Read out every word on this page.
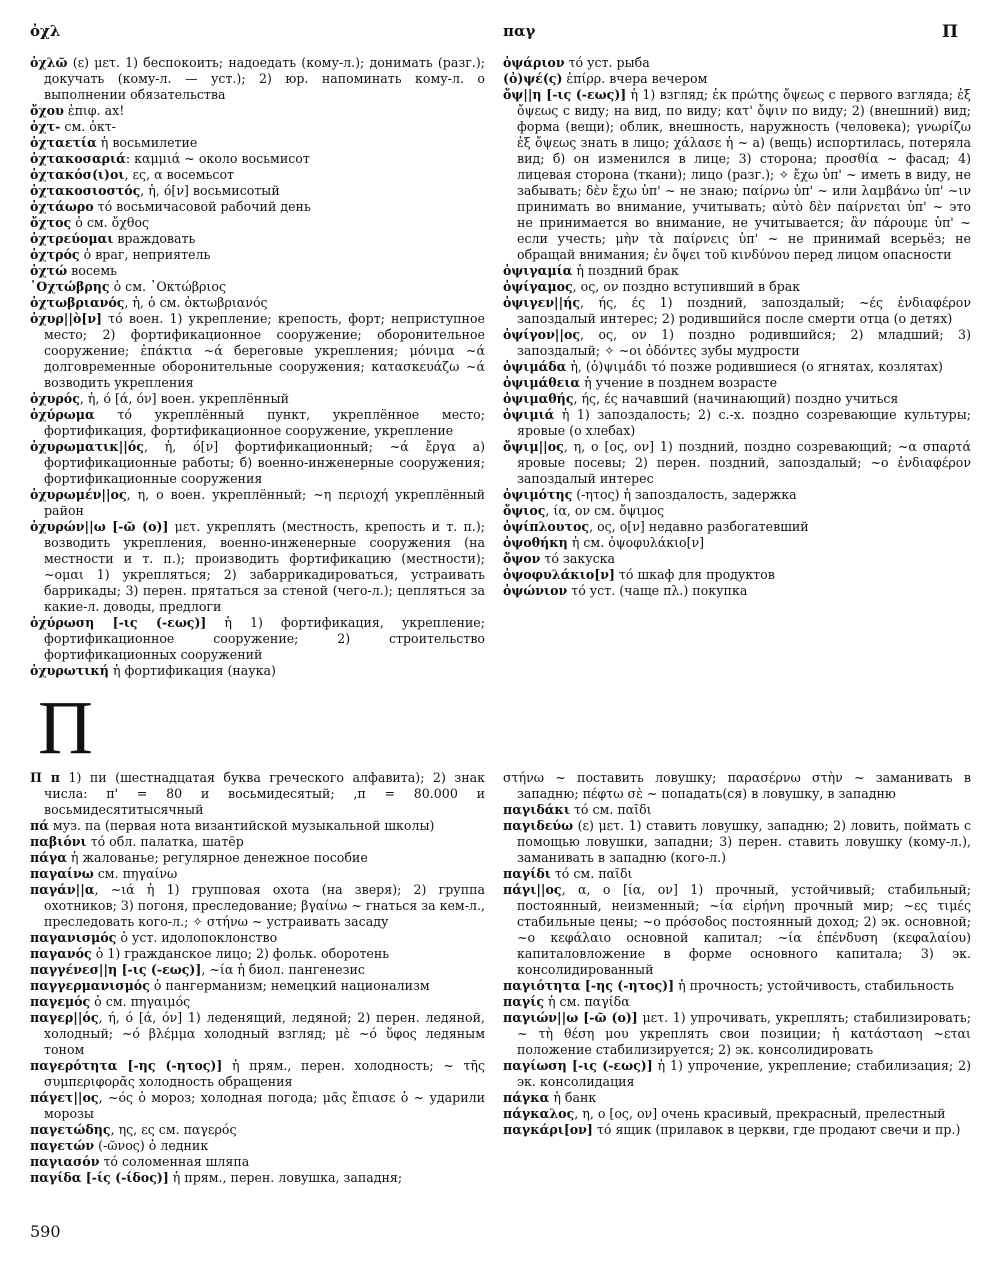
ὀχλ	παγ	П

ὀχλῶ (ε) μετ. 1) беспокоить; надоедать (кому-л.); донимать (разг.); докучать (кому-л. — уст.); 2) юр. напоминать кому-л. о выполнении обязательства

ὄχου ἐπιφ. ах!

ὀχτ- см. ὀκτ-

ὀχταετία ἡ восьмилетие

ὀχτακοσαριά: καμμιά ~ около восьмисот

ὀχτακόσ(ι)οι, ες, α восемьсот

ὀχτακοσιοστός, ἡ, ό[ν] восьмисотый

ὀχτάωρο τό восьмичасовой рабочий день

ὄχτος ὁ см. ὄχθος

ὀχτρεύομαι враждовать

ὀχτρός ὁ враг, неприятель

ὀχτώ восемь

᾿Οχτώβρης ὁ см. ᾿Οκτώβριος

ὀχτωβριανός, ἡ, ὁ см. ὀκτωβριανός

ὀχυρ||ὸ[ν] τό воен. 1) укрепление; крепость, форт; неприступное место; 2) фортификационное сооружение; оборонительное сооружение; ἐπάκτια ~ά береговые укрепления; μόνιμα ~ά долговременные оборонительные сооружения; κατασκευάζω ~ά возводить укрепления

ὀχυρός, ἡ, ό [ά, όν] воен. укреплённый

ὀχύρωμα τό укреплённый пункт, укреплённое место; фортификация, фортификационное сооружение, укрепление

ὀχυρωματικ||ός, ἡ, ό[ν] фортификационный; ~ά ἔργα а) фортификационные работы; б) военно-инженерные сооружения; фортификационные сооружения

ὀχυρωμέν||ος, η, ο воен. укреплённый; ~η περιοχή укреплённый район

ὀχυρών||ω [-ῶ (ο)] μετ. укреплять (местность, крепость и т. п.); возводить укрепления, военно-инженерные сооружения (на местности и т. п.); производить фортификацию (местности); ~ομαι 1) укрепляться; 2) забаррикадироваться, устраивать баррикады; 3) перен. прятаться за стеной (чего-л.); цепляться за какие-л. доводы, предлоги

ὀχύρωση [-ις (-εως)] ἡ 1) фортификация, укрепление; фортификационное сооружение; 2) строительство фортификационных сооружений

ὀχυρωτική ἡ фортификация (наука)

ὀψάριον τό уст. рыба

(ὀ)ψέ(ς) ἐπίρρ. вчера вечером

ὄψ||η [-ις (-εως)] ἡ 1) взгляд; ἐκ πρώτης ὄψεως с первого взгляда; ἐξ ὄψεως с виду; на вид, по виду; κατ' ὄψιν по виду; 2) (внешний) вид; форма (вещи); облик, внешность, наружность (человека); γνωρίζω ἐξ ὄψεως знать в лицо; χάλασε ἡ ~ а) (вещь) испортилась, потеряла вид; б) он изменился в лице; 3) сторона; προσθία ~ фасад; 4) лицевая сторона (ткани); лицо (разг.); ✧ ἔχω ὑπ' ~ иметь в виду, не забывать; δὲν ἔχω ὑπ' ~ не знаю; παίρνω ὑπ' ~ или λαμβάνω ὑπ' ~ιν принимать во внимание, учитывать; αὐτὸ δὲν παίρνεται ὑπ' ~ это не принимается во внимание, не учитывается; ἂν πάρουμε ὑπ' ~ если учесть; μὴν τὰ παίρνεις ὑπ' ~ не принимай всерьёз; не обращай внимания; ἐν ὄψει τοῦ κινδύνου перед лицом опасности

ὀψιγαμία ἡ поздний брак

ὀψίγαμος, ος, ον поздно вступивший в брак

ὀψιγεν||ής, ής, ές 1) поздний, запоздалый; ~ές ἐνδιαφέρον запоздалый интерес; 2) родившийся после смерти отца (о детях)

ὀψίγον||ος, ος, ον 1) поздно родившийся; 2) младший; 3) запоздалый; ✧ ~οι ὀδόντες зубы мудрости

ὀψιμάδα ἡ, (ὀ)ψιμάδι τό позже родившиеся (о ягнятах, козлятах)

ὀψιμάθεια ἡ учение в позднем возрасте

ὀψιμαθής, ής, ές начавший (начинающий) поздно учиться

ὀψιμιά ἡ 1) запоздалость; 2) с.-х. поздно созревающие культуры; яровые (о хлебах)

ὄψιμ||ος, η, ο [ος, ον] 1) поздний, поздно созревающий; ~α σπαρτά яровые посевы; 2) перен. поздний, запоздалый; ~ο ἐνδιαφέρον запоздалый интерес

ὀψιμότης (-ητος) ἡ запоздалость, задержка

ὄψιος, ία, ον см. ὄψιμος

ὀψίπλουτος, ος, ο[ν] недавно разбогатевший

ὀψοθήκη ἡ см. ὀψοφυλάκιο[ν]

ὄψον τό закуска

ὀψοφυλάκιο[ν] τό шкаф для продуктов

ὀψώνιον τό уст. (чаще πλ.) покупка

П

Π π 1) пи (шестнадцатая буква греческого алфавита); 2) знак числа: π' = 80 и восьмидесятый; ,π = 80.000 и восьмидесятитысячный

πά муз. па (первая нота византийской музыкальной школы)

παβιόνι τό обл. палатка, шатёр

πάγα ἡ жалованье; регулярное денежное пособие

παγαίνω см. πηγαίνω

παγάν||α, ~ιά ἡ 1) групповая охота (на зверя); 2) группа охотников; 3) погоня, преследование; βγαίνω ~ гнаться за кем-л., преследовать кого-л.; ✧ στήνω ~ устраивать засаду

παγανισμός ὁ уст. идолопоклонство

παγανός ὁ 1) гражданское лицо; 2) фольк. оборотень

παγγένεσ||η [-ις (-εως)], ~ία ἡ биол. пангенезис

παγγερμανισμός ὁ пангерманизм; немецкий национализм

παγεμός ὁ см. πηγαιμός

παγερ||ός, ή, ό [ά, όν] 1) леденящий, ледяной; 2) перен. ледяной, холодный; ~ό βλέμμα холодный взгляд; μὲ ~ό ὕφος ледяным тоном

παγερότητα [-ης (-ητος)] ἡ прям., перен. холодность; ~ τῆς συμπεριφορᾶς холодность обращения

πάγετ||ος, ~ός ὁ мороз; холодная погода; μᾶς ἔπιασε ὁ ~ ударили морозы

παγετώδης, ης, ες см. παγερός

παγετών (-ῶνος) ὁ ледник

παγιασόν τό соломенная шляпа

παγίδα [-ίς (-ίδος)] ἡ прям., перен. ловушка, западня;

στήνω ~ поставить ловушку; παρασέρνω στὴν ~ заманивать в западню; πέφτω σὲ ~ попадать(ся) в ловушку, в западню

παγιδάκι τό см. παῖδι

παγιδεύω (ε) μετ. 1) ставить ловушку, западню; 2) ловить, поймать с помощью ловушки, западни; 3) перен. ставить ловушку (кому-л.), заманивать в западню (кого-л.)

παγίδι τό см. παῖδι

πάγι||ος, α, ο [ία, ον] 1) прочный, устойчивый; стабильный; постоянный, неизменный; ~ία εἰρήνη прочный мир; ~ες τιμές стабильные цены; ~ο πρόσοδος постоянный доход; 2) эк. основной; ~ο κεφάλαιο основной капитал; ~ία ἐπένδυση (κεφαλαίου) капиталовложение в форме основного капитала; 3) эк. консолидированный

παγιότητα [-ης (-ητος)] ἡ прочность; устойчивость, стабильность

παγίς ἡ см. παγίδα

παγιών||ω [-ῶ (ο)] μετ. 1) упрочивать, укреплять; стабилизировать; ~ τὴ θέση μου укреплять свои позиции; ἡ κατάσταση ~εται положение стабилизируется; 2) эк. консолидировать

παγίωση [-ις (-εως)] ἡ 1) упрочение, укрепление; стабилизация; 2) эк. консолидация

πάγκα ἡ банк

πάγκαλος, η, ο [ος, ον] очень красивый, прекрасный, прелестный

παγκάρι[ον] τό ящик (прилавок в церкви, где продают свечи и пр.)

590
